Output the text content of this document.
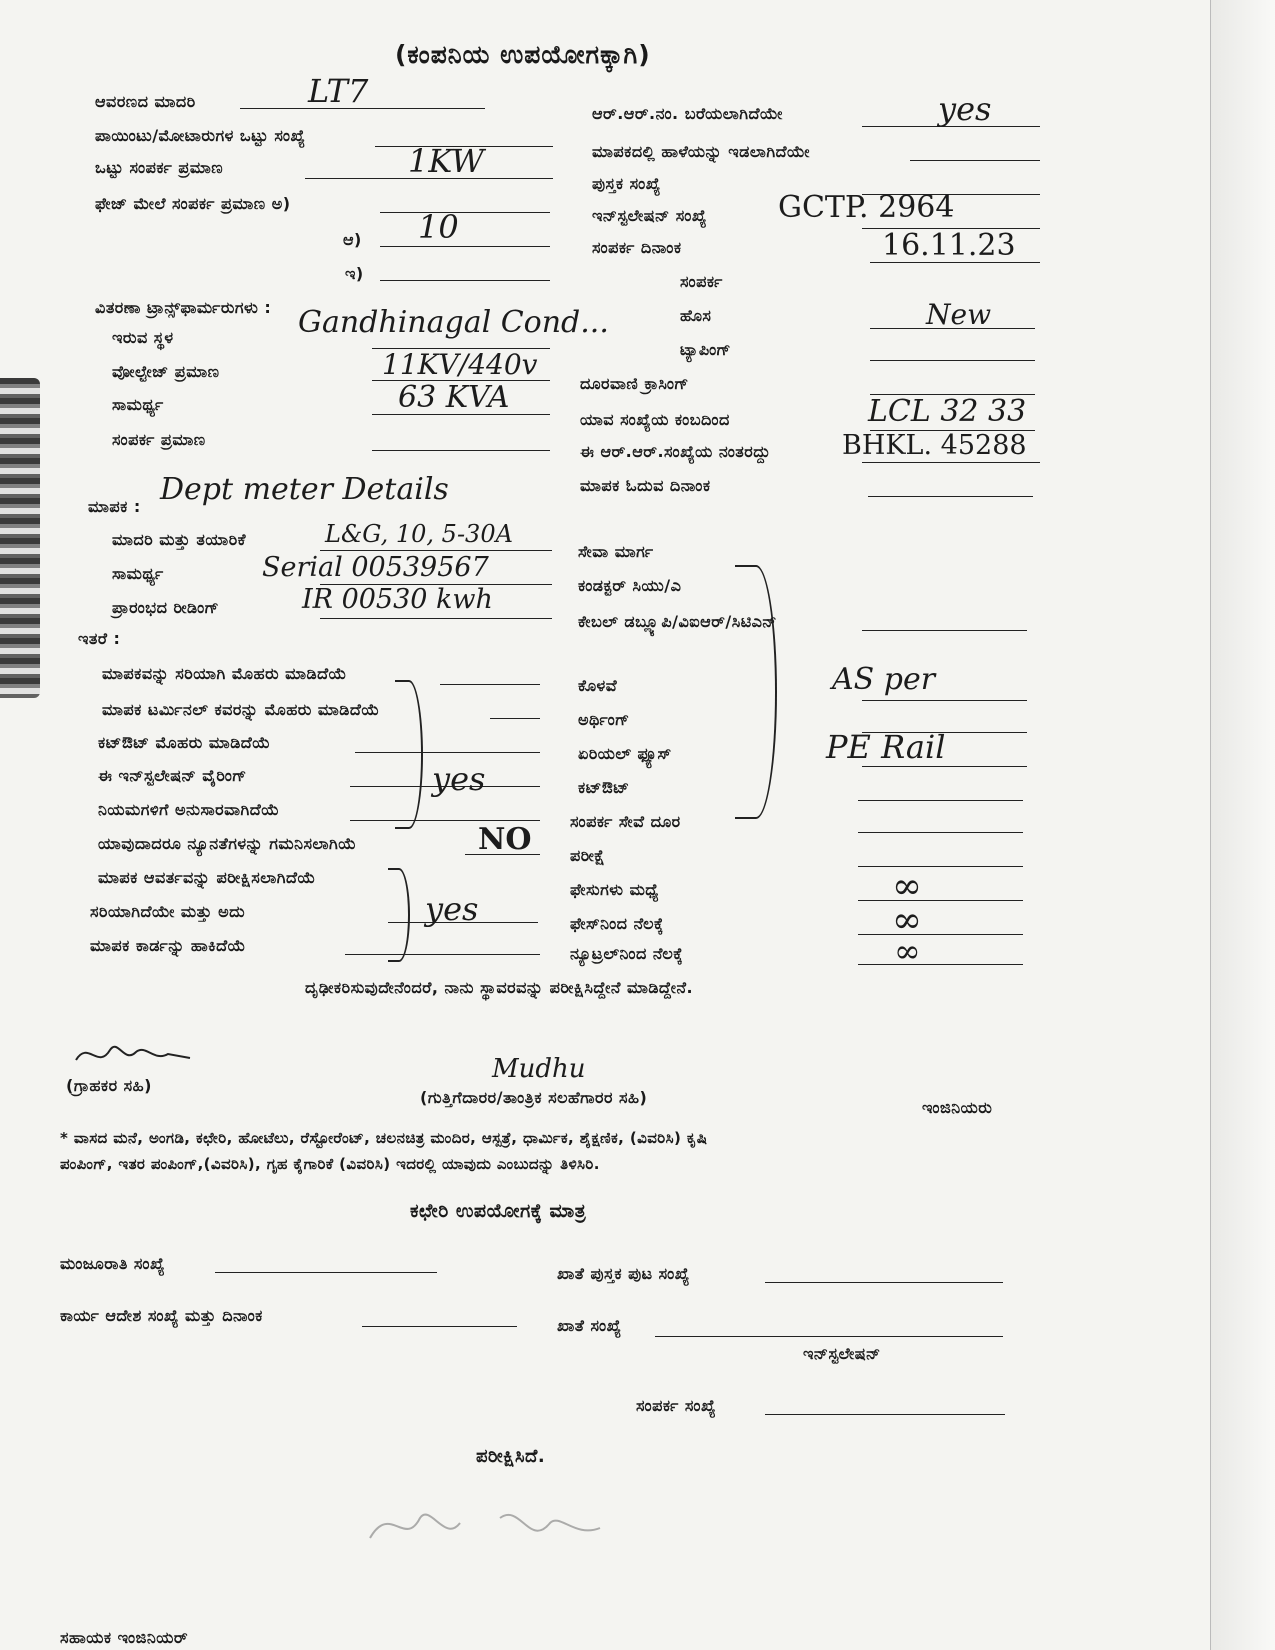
(ಕಂಪನಿಯ ಉಪಯೋಗಕ್ಕಾಗಿ)
ಆವರಣದ ಮಾದರಿ	LT7
ಪಾಯಿಂಟು/ಮೋಟಾರುಗಳ ಒಟ್ಟು ಸಂಖ್ಯೆ
ಒಟ್ಟು ಸಂಪರ್ಕ ಪ್ರಮಾಣ	1KW
ಫೇಜ್ ಮೇಲೆ ಸಂಪರ್ಕ ಪ್ರಮಾಣ ಅ)
ಆ) 10
ಇ)
ವಿತರಣಾ ಟ್ರಾನ್ಸ್‌ಫಾರ್ಮರುಗಳು :
ಇರುವ ಸ್ಥಳ	Gandhinagal Cond...
ವೋಲ್ಟೇಜ್ ಪ್ರಮಾಣ	11KV/440v
ಸಾಮರ್ಥ್ಯ	63 KVA
ಸಂಪರ್ಕ ಪ್ರಮಾಣ
ಮಾಪಕ : Dept meter Details
ಮಾದರಿ ಮತ್ತು ತಯಾರಿಕೆ	L&G, 10, 5-30A
ಸಾಮರ್ಥ್ಯ	Serial 00539567
ಪ್ರಾರಂಭದ ರೀಡಿಂಗ್	IR 00530 kwh
ಇತರೆ :
ಮಾಪಕವನ್ನು ಸರಿಯಾಗಿ ಮೊಹರು ಮಾಡಿದೆಯೆ
ಮಾಪಕ ಟರ್ಮಿನಲ್ ಕವರನ್ನು ಮೊಹರು ಮಾಡಿದೆಯೆ
ಕಟ್‌ಔಟ್ ಮೊಹರು ಮಾಡಿದೆಯೆ
ಈ ಇನ್‌ಸ್ಟಲೇಷನ್ ವೈರಿಂಗ್	yes
ನಿಯಮಗಳಿಗೆ ಅನುಸಾರವಾಗಿದೆಯೆ
ಯಾವುದಾದರೂ ನ್ಯೂನತೆಗಳನ್ನು ಗಮನಿಸಲಾಗಿಯೆ	NO
ಮಾಪಕ ಆವರ್ತವನ್ನು ಪರೀಕ್ಷಿಸಲಾಗಿದೆಯೆ
ಸರಿಯಾಗಿದೆಯೇ ಮತ್ತು ಅದು	yes
ಮಾಪಕ ಕಾರ್ಡನ್ನು ಹಾಕಿದೆಯೆ
ಆರ್.ಆರ್.ನಂ. ಬರೆಯಲಾಗಿದೆಯೇ	yes
ಮಾಪಕದಲ್ಲಿ ಹಾಳೆಯನ್ನು ಇಡಲಾಗಿದೆಯೇ
ಪುಸ್ತಕ ಸಂಖ್ಯೆ
ಇನ್‌ಸ್ಟಲೇಷನ್ ಸಂಖ್ಯೆ GCTP. 2964
ಸಂಪರ್ಕ ದಿನಾಂಕ	16.11.23
ಸಂಪರ್ಕ
ಹೊಸ	New
ಟ್ಯಾಪಿಂಗ್
ದೂರವಾಣಿ ಕ್ರಾಸಿಂಗ್
ಯಾವ ಸಂಖ್ಯೆಯ ಕಂಬದಿಂದ	LCL 32 33
ಈ ಆರ್.ಆರ್.ಸಂಖ್ಯೆಯ ನಂತರದ್ದು	BHKL. 45288
ಮಾಪಕ ಓದುವ ದಿನಾಂಕ
ಸೇವಾ ಮಾರ್ಗ
ಕಂಡಕ್ಟರ್ ಸಿಯು/ಎ
ಕೇಬಲ್ ಡಬ್ಲ್ಯೂಪಿ/ವಿಐಆರ್/ಸಿಟಿಎನ್
ಕೊಳವೆ	AS per
ಅರ್ಥಿಂಗ್
ಏರಿಯಲ್ ಫ್ಯೂಸ್	PE Rail
ಕಟ್‌ಔಟ್
ಸಂಪರ್ಕ ಸೇವೆ ದೂರ
ಪರೀಕ್ಷೆ
ಫೇಸುಗಳು ಮಧ್ಯೆ	∞
ಫೇಸ್‌ನಿಂದ ನೆಲಕ್ಕೆ	∞
ನ್ಯೂಟ್ರಲ್‌ನಿಂದ ನೆಲಕ್ಕೆ	∞
ದೃಢೀಕರಿಸುವುದೇನೆಂದರೆ, ನಾನು ಸ್ಥಾವರವನ್ನು ಪರೀಕ್ಷಿಸಿದ್ದೇನೆ ಮಾಡಿದ್ದೇನೆ.
(ಗ್ರಾಹಕರ ಸಹಿ)
Mudhu
(ಗುತ್ತಿಗೆದಾರರ/ತಾಂತ್ರಿಕ ಸಲಹೆಗಾರರ ಸಹಿ)
ಇಂಜಿನಿಯರು
* ವಾಸದ ಮನೆ, ಅಂಗಡಿ, ಕಛೇರಿ, ಹೋಟೆಲು, ರೆಸ್ಟೋರೆಂಟ್, ಚಲನಚಿತ್ರ ಮಂದಿರ, ಆಸ್ಪತ್ರೆ, ಧಾರ್ಮಿಕ, ಶೈಕ್ಷಣಿಕ, (ವಿವರಿಸಿ) ಕೃಷಿ
ಪಂಪಿಂಗ್, ಇತರ ಪಂಪಿಂಗ್,(ವಿವರಿಸಿ), ಗೃಹ ಕೈಗಾರಿಕೆ (ವಿವರಿಸಿ) ಇದರಲ್ಲಿ ಯಾವುದು ಎಂಬುದನ್ನು ತಿಳಿಸಿರಿ.
ಕಛೇರಿ ಉಪಯೋಗಕ್ಕೆ ಮಾತ್ರ
ಮಂಜೂರಾತಿ ಸಂಖ್ಯೆ
ಖಾತೆ ಪುಸ್ತಕ ಪುಟ ಸಂಖ್ಯೆ
ಕಾರ್ಯ ಆದೇಶ ಸಂಖ್ಯೆ ಮತ್ತು ದಿನಾಂಕ
ಖಾತೆ ಸಂಖ್ಯೆ
ಇನ್‌ಸ್ಟಲೇಷನ್
ಸಂಪರ್ಕ ಸಂಖ್ಯೆ
ಪರೀಕ್ಷಿಸಿದೆ.
ಸಹಾಯಕ ಇಂಜಿನಿಯರ್
